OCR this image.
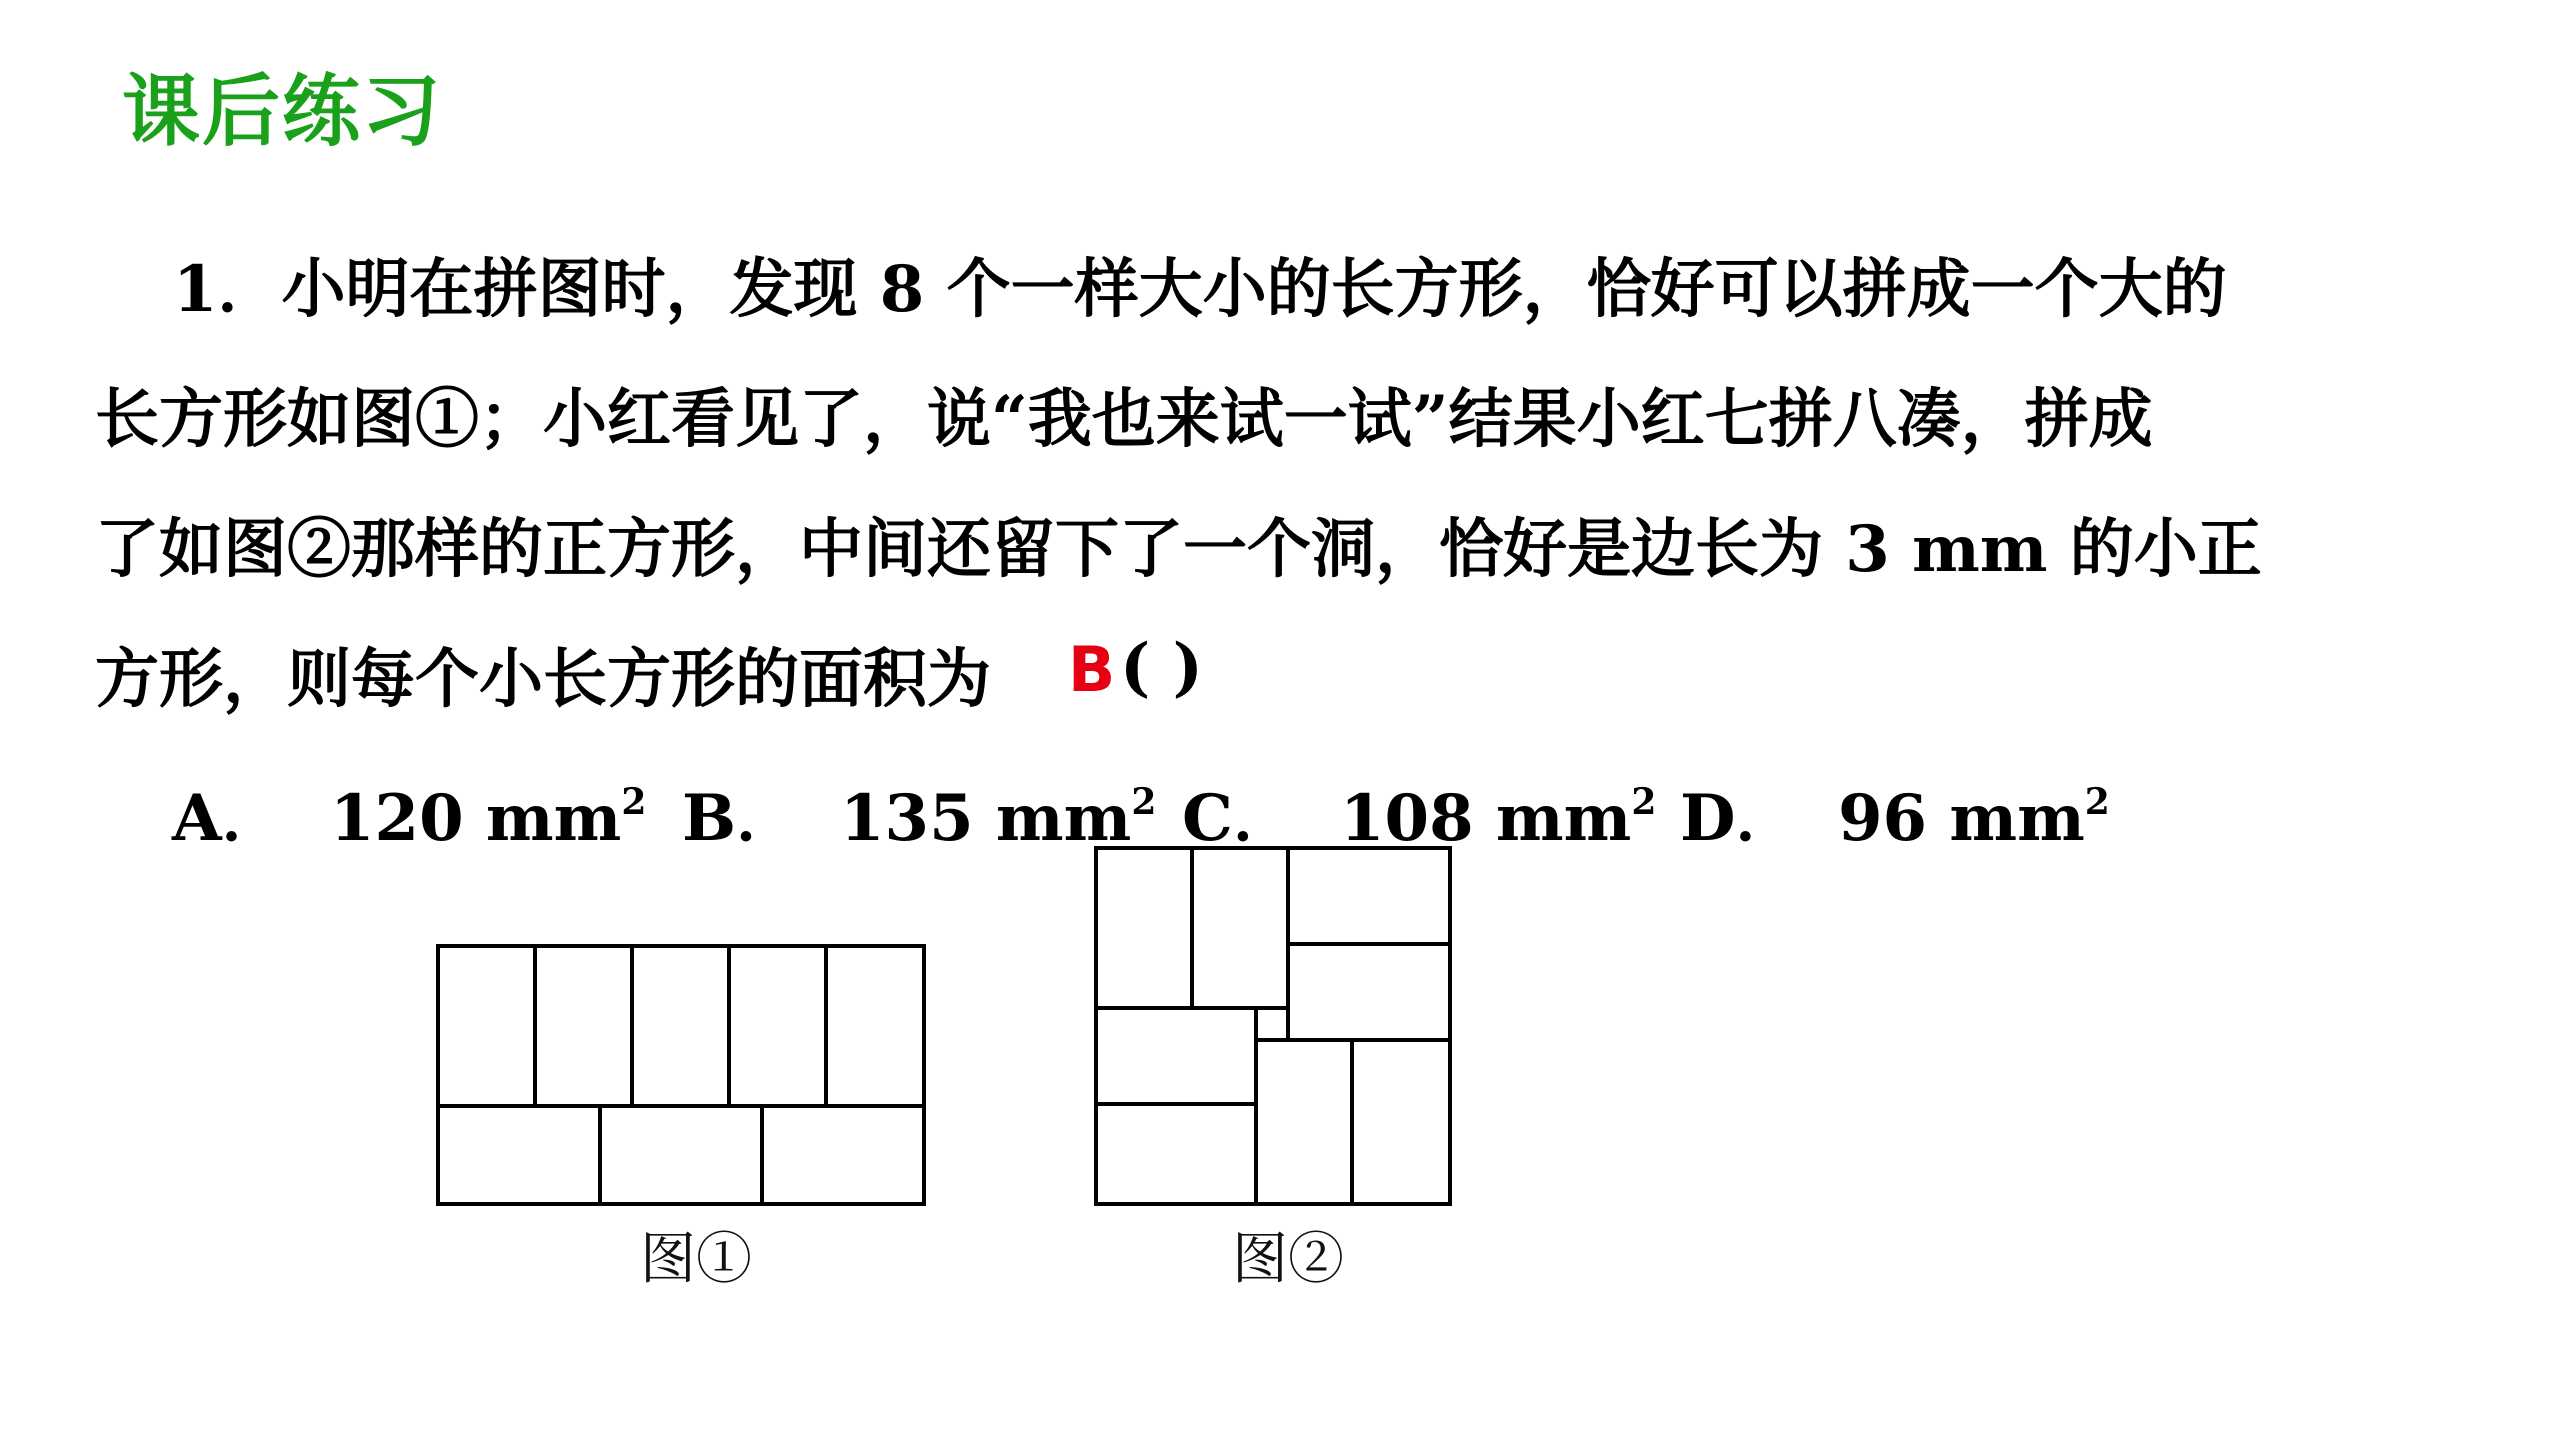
课后练习
1．小明在拼图时，发现 8 个一样大小的长方形，恰好可以拼成一个大的
长方形如图①；小红看见了，说“我也来试一试”结果小红七拼八凑，拼成
了如图②那样的正方形，中间还留下了一个洞，恰好是边长为 3 mm 的小正
方形，则每个小长方形的面积为	( )
B
A． 120 $mm^2$ B． 135 $mm^2$ C． 108 $mm^2$ D． 96 $mm^2$
图①	图②
